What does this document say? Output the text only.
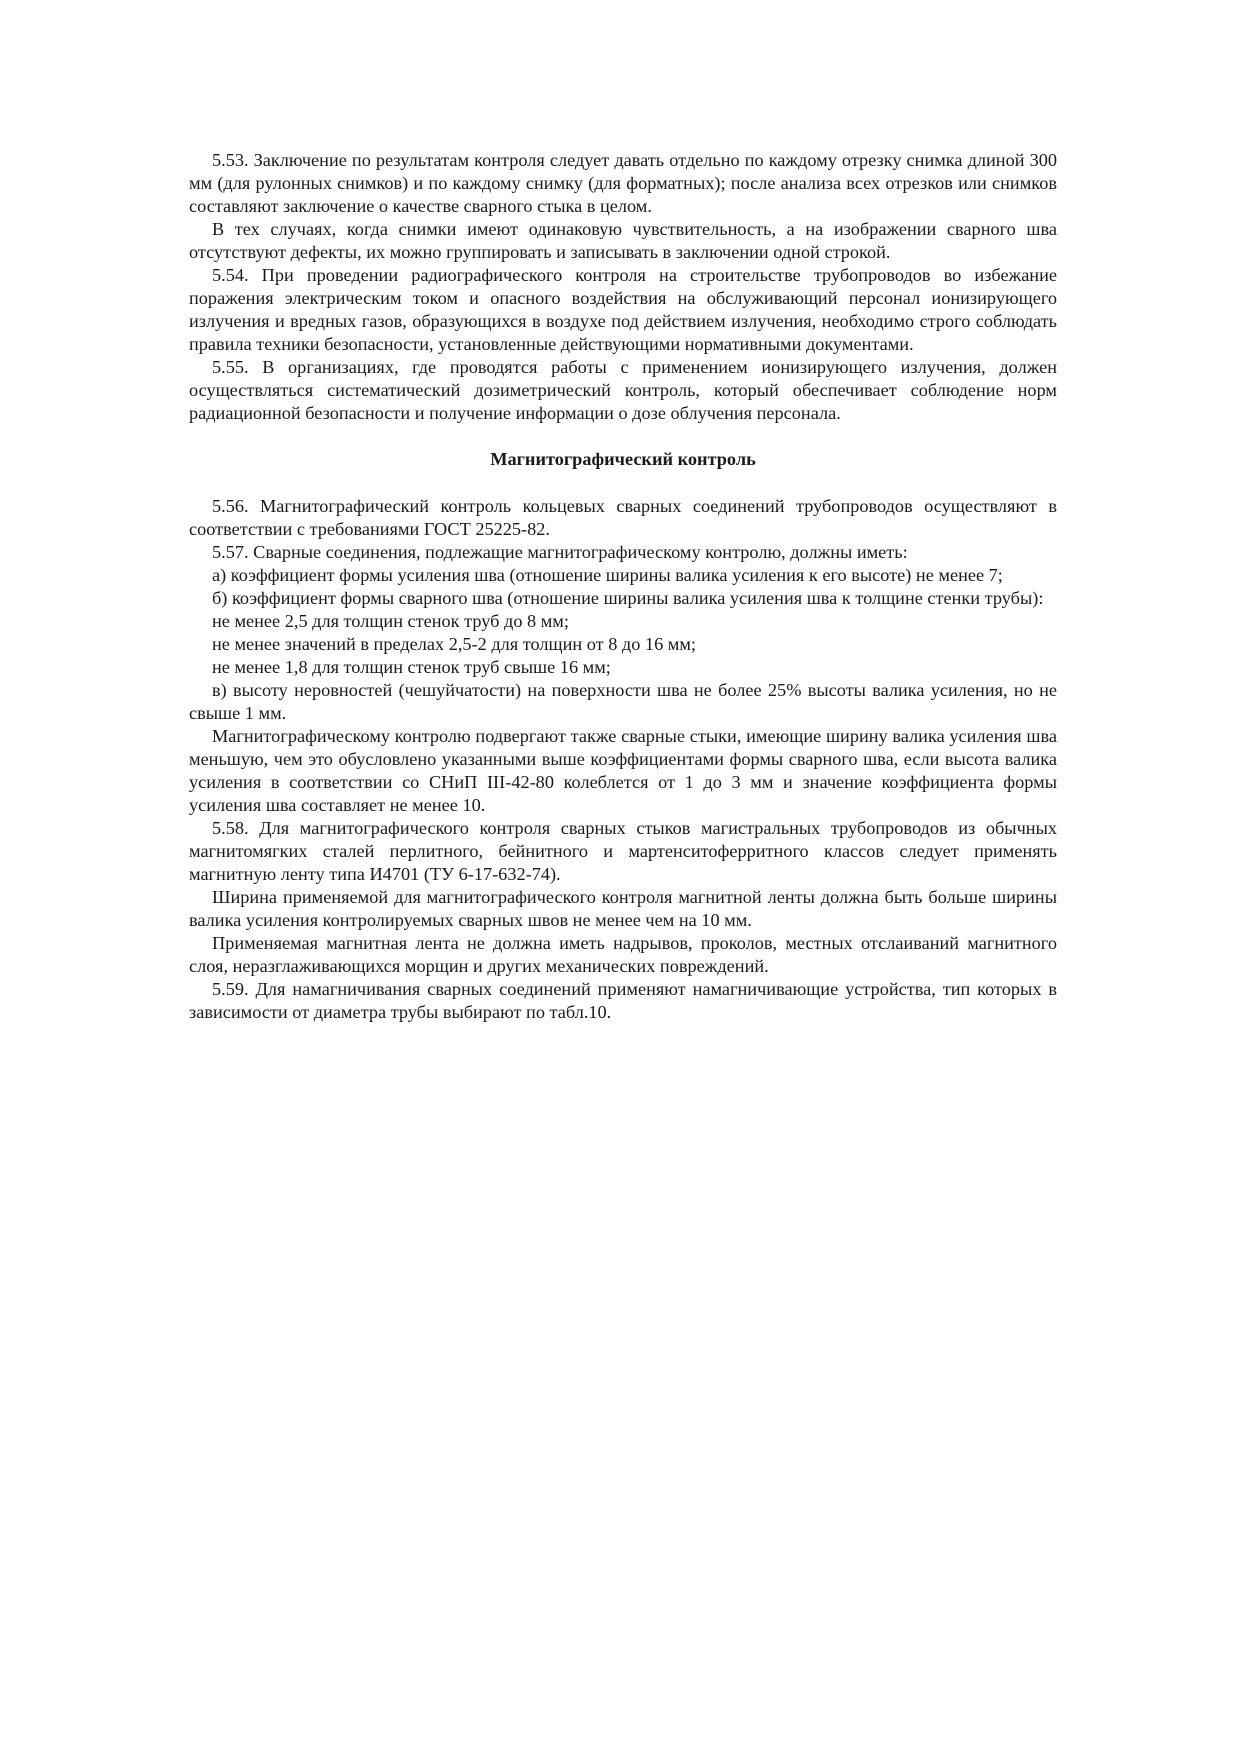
5.53. Заключение по результатам контроля следует давать отдельно по каждому отрезку снимка длиной 300 мм (для рулонных снимков) и по каждому снимку (для форматных); после анализа всех отрезков или снимков составляют заключение о качестве сварного стыка в целом.

В тех случаях, когда снимки имеют одинаковую чувствительность, а на изображении сварного шва отсутствуют дефекты, их можно группировать и записывать в заключении одной строкой.

5.54. При проведении радиографического контроля на строительстве трубопроводов во избежание поражения электрическим током и опасного воздействия на обслуживающий персонал ионизирующего излучения и вредных газов, образующихся в воздухе под действием излучения, необходимо строго соблюдать правила техники безопасности, установленные действующими нормативными документами.

5.55. В организациях, где проводятся работы с применением ионизирующего излучения, должен осуществляться систематический дозиметрический контроль, который обеспечивает соблюдение норм радиационной безопасности и получение информации о дозе облучения персонала.

Магнитографический контроль

5.56. Магнитографический контроль кольцевых сварных соединений трубопроводов осуществляют в соответствии с требованиями ГОСТ 25225-82.

5.57. Сварные соединения, подлежащие магнитографическому контролю, должны иметь:

а) коэффициент формы усиления шва (отношение ширины валика усиления к его высоте) не менее 7;

б) коэффициент формы сварного шва (отношение ширины валика усиления шва к толщине стенки трубы):

не менее 2,5 для толщин стенок труб до 8 мм;

не менее значений в пределах 2,5-2 для толщин от 8 до 16 мм;

не менее 1,8 для толщин стенок труб свыше 16 мм;

в) высоту неровностей (чешуйчатости) на поверхности шва не более 25% высоты валика усиления, но не свыше 1 мм.

Магнитографическому контролю подвергают также сварные стыки, имеющие ширину валика усиления шва меньшую, чем это обусловлено указанными выше коэффициентами формы сварного шва, если высота валика усиления в соответствии со СНиП III-42-80 колеблется от 1 до 3 мм и значение коэффициента формы усиления шва составляет не менее 10.

5.58. Для магнитографического контроля сварных стыков магистральных трубопроводов из обычных магнитомягких сталей перлитного, бейнитного и мартенситоферритного классов следует применять магнитную ленту типа И4701 (ТУ 6-17-632-74).

Ширина применяемой для магнитографического контроля магнитной ленты должна быть больше ширины валика усиления контролируемых сварных швов не менее чем на 10 мм.

Применяемая магнитная лента не должна иметь надрывов, проколов, местных отслаиваний магнитного слоя, неразглаживающихся морщин и других механических повреждений.

5.59. Для намагничивания сварных соединений применяют намагничивающие устройства, тип которых в зависимости от диаметра трубы выбирают по табл.10.
